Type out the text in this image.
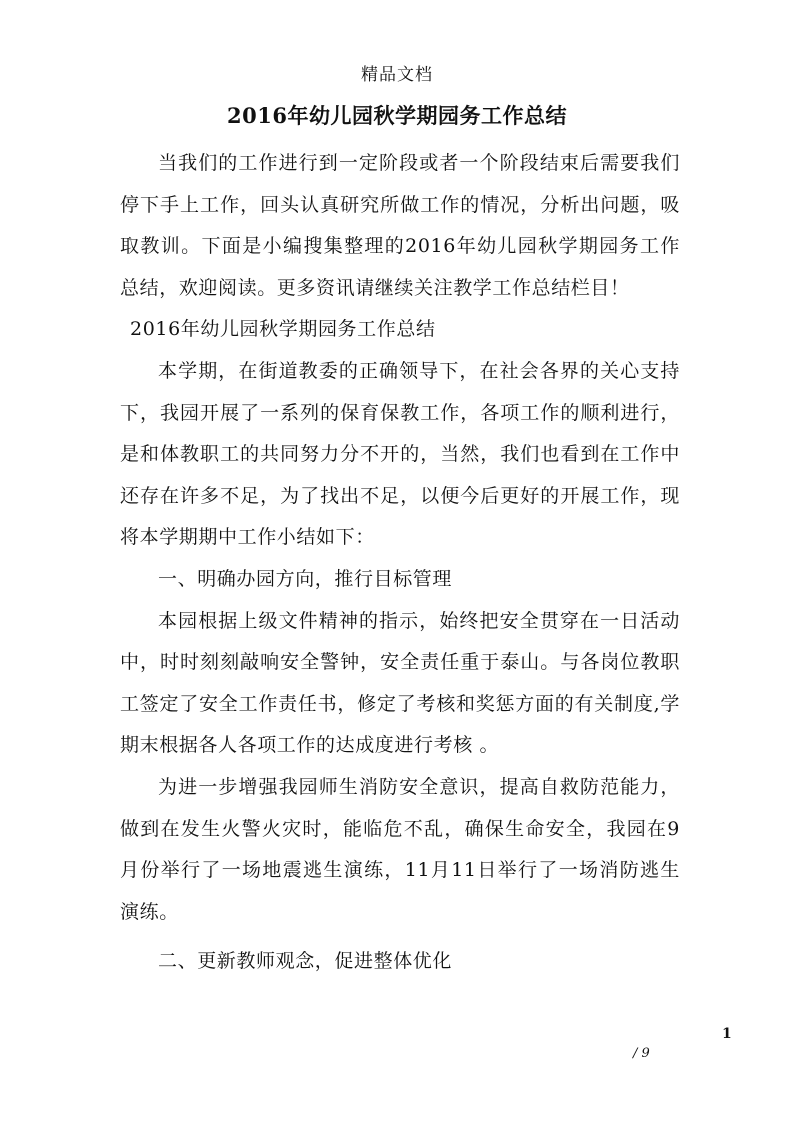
精品文档
2016年幼儿园秋学期园务工作总结

当我们的工作进行到一定阶段或者一个阶段结束后需要我们停下手上工作，回头认真研究所做工作的情况，分析出问题，吸取教训。下面是小编搜集整理的2016年幼儿园秋学期园务工作总结，欢迎阅读。更多资讯请继续关注教学工作总结栏目！

2016年幼儿园秋学期园务工作总结

本学期，在街道教委的正确领导下，在社会各界的关心支持下，我园开展了一系列的保育保教工作，各项工作的顺利进行，是和体教职工的共同努力分不开的，当然，我们也看到在工作中还存在许多不足，为了找出不足，以便今后更好的开展工作，现将本学期期中工作小结如下：

一、明确办园方向，推行目标管理

本园根据上级文件精神的指示，始终把安全贯穿在一日活动中，时时刻刻敲响安全警钟，安全责任重于泰山。与各岗位教职工签定了安全工作责任书，修定了考核和奖惩方面的有关制度,学期末根据各人各项工作的达成度进行考核 。

为进一步增强我园师生消防安全意识，提高自救防范能力，做到在发生火警火灾时，能临危不乱，确保生命安全，我园在9月份举行了一场地震逃生演练，11月11日举行了一场消防逃生演练。

二、更新教师观念，促进整体优化

1
/ 9
